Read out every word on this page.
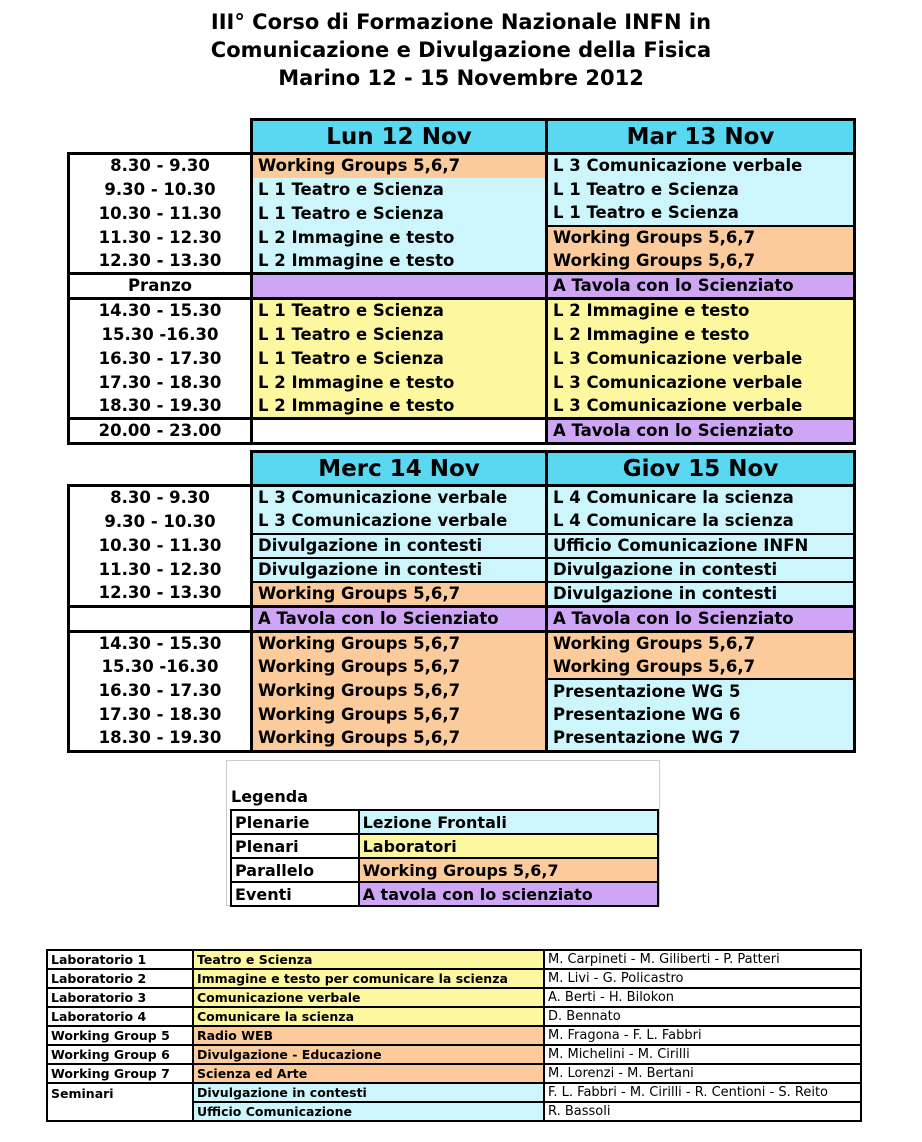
III° Corso di Formazione Nazionale INFN in
Comunicazione e Divulgazione della Fisica
Marino 12 - 15 Novembre 2012
	Lun 12 Nov	Mar 13 Nov
8.30 - 9.30	Working Groups 5,6,7	L 3 Comunicazione verbale
9.30 - 10.30	L 1 Teatro e Scienza	L 1 Teatro e Scienza
10.30 - 11.30	L 1 Teatro e Scienza	L 1 Teatro e Scienza
11.30 - 12.30	L 2 Immagine e testo	Working Groups 5,6,7
12.30 - 13.30	L 2 Immagine e testo	Working Groups 5,6,7
Pranzo		A Tavola con lo Scienziato
14.30 - 15.30	L 1 Teatro e Scienza	L 2 Immagine e testo
15.30 -16.30	L 1 Teatro e Scienza	L 2 Immagine e testo
16.30 - 17.30	L 1 Teatro e Scienza	L 3 Comunicazione verbale
17.30 - 18.30	L 2 Immagine e testo	L 3 Comunicazione verbale
18.30 - 19.30	L 2 Immagine e testo	L 3 Comunicazione verbale
20.00 - 23.00		A Tavola con lo Scienziato
	Merc 14 Nov	Giov 15 Nov
8.30 - 9.30	L 3 Comunicazione verbale	L 4 Comunicare la scienza
9.30 - 10.30	L 3 Comunicazione verbale	L 4 Comunicare la scienza
10.30 - 11.30	Divulgazione in contesti	Ufficio Comunicazione INFN
11.30 - 12.30	Divulgazione in contesti	Divulgazione in contesti
12.30 - 13.30	Working Groups 5,6,7	Divulgazione in contesti
	A Tavola con lo Scienziato	A Tavola con lo Scienziato
14.30 - 15.30	Working Groups 5,6,7	Working Groups 5,6,7
15.30 -16.30	Working Groups 5,6,7	Working Groups 5,6,7
16.30 - 17.30	Working Groups 5,6,7	Presentazione WG 5
17.30 - 18.30	Working Groups 5,6,7	Presentazione WG 6
18.30 - 19.30	Working Groups 5,6,7	Presentazione WG 7
Legenda
Plenarie	Lezione Frontali
Plenari	Laboratori
Parallelo	Working Groups 5,6,7
Eventi	A tavola con lo scienziato
Laboratorio 1	Teatro e Scienza	M. Carpineti - M. Giliberti - P. Patteri
Laboratorio 2	Immagine e testo per comunicare la scienza	M. Livi - G. Policastro
Laboratorio 3	Comunicazione verbale	A. Berti - H. Bilokon
Laboratorio 4	Comunicare la scienza	D. Bennato
Working Group 5	Radio WEB	M. Fragona - F. L. Fabbri
Working Group 6	Divulgazione - Educazione	M. Michelini - M. Cirilli
Working Group 7	Scienza ed Arte	M. Lorenzi - M. Bertani
Seminari	Divulgazione in contesti	F. L. Fabbri - M. Cirilli - R. Centioni - S. Reito
	Ufficio Comunicazione	R. Bassoli
